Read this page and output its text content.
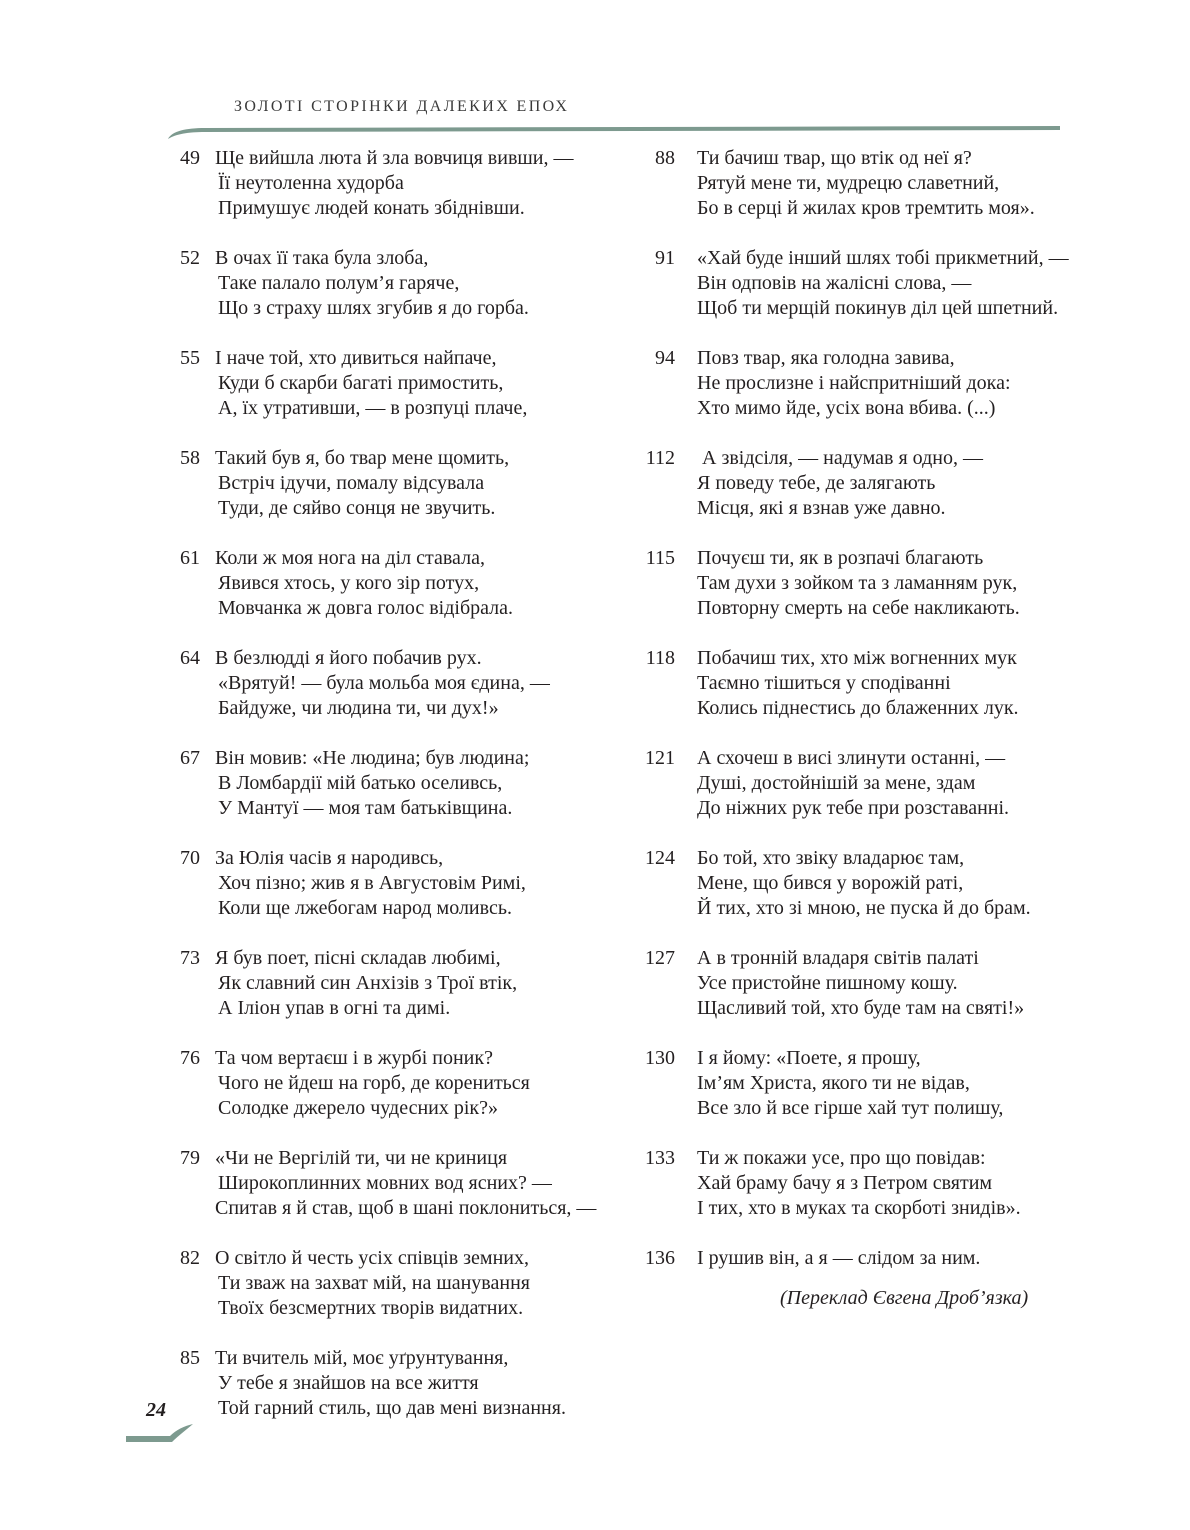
ЗОЛОТІ СТОРІНКИ ДАЛЕКИХ ЕПОХ
49 Ще вийшла люта й зла вовчиця вивши, —
Її неутоленна худорба
Примушує людей конать збіднівши.
52 В очах її така була злоба,
Таке палало полум’я гаряче,
Що з страху шлях згубив я до горба.
55 І наче той, хто дивиться найпаче,
Куди б скарби багаті примостить,
А, їх утративши, — в розпуці плаче,
58 Такий був я, бо твар мене щомить,
Встріч ідучи, помалу відсувала
Туди, де сяйво сонця не звучить.
61 Коли ж моя нога на діл ставала,
Явився хтось, у кого зір потух,
Мовчанка ж довга голос відібрала.
64 В безлюдді я його побачив рух.
«Врятуй! — була мольба моя єдина, —
Байдуже, чи людина ти, чи дух!»
67 Він мовив: «Не людина; був людина;
В Ломбардії мій батько оселивсь,
У Мантуї — моя там батьківщина.
70 За Юлія часів я народивсь,
Хоч пізно; жив я в Августовім Римі,
Коли ще лжебогам народ моливсь.
73 Я був поет, пісні складав любимі,
Як славний син Анхізів з Трої втік,
А Іліон упав в огні та димі.
76 Та чом вертаєш і в журбі поник?
Чого не йдеш на горб, де корениться
Солодке джерело чудесних рік?»
79 «Чи не Вергілій ти, чи не криниця
Широкоплинних мовних вод ясних? —
Спитав я й став, щоб в шані поклониться, —
82 О світло й честь усіх співців земних,
Ти зваж на захват мій, на шанування
Твоїх безсмертних творів видатних.
85 Ти вчитель мій, моє уґрунтування,
У тебе я знайшов на все життя
Той гарний стиль, що дав мені визнання.
88 Ти бачиш твар, що втік од неї я?
Рятуй мене ти, мудрецю славетний,
Бо в серці й жилах кров тремтить моя».
91 «Хай буде інший шлях тобі прикметний, —
Він одповів на жалісні слова, —
Щоб ти мерщій покинув діл цей шпетний.
94 Повз твар, яка голодна завива,
Не прослизне і найспритніший дока:
Хто мимо йде, усіх вона вбива. (...)
112 А звідсіля, — надумав я одно, —
Я поведу тебе, де залягають
Місця, які я взнав уже давно.
115 Почуєш ти, як в розпачі благають
Там духи з зойком та з ламанням рук,
Повторну смерть на себе накликають.
118 Побачиш тих, хто між вогненних мук
Таємно тішиться у сподіванні
Колись піднестись до блаженних лук.
121 А схочеш в висі злинути останні, —
Душі, достойнішій за мене, здам
До ніжних рук тебе при розставанні.
124 Бо той, хто звіку владарює там,
Мене, що бився у ворожій раті,
Й тих, хто зі мною, не пуска й до брам.
127 А в тронній владаря світів палаті
Усе пристойне пишному кошу.
Щасливий той, хто буде там на святі!»
130 І я йому: «Поете, я прошу,
Ім’ям Христа, якого ти не відав,
Все зло й все гірше хай тут полишу,
133 Ти ж покажи усе, про що повідав:
Хай браму бачу я з Петром святим
І тих, хто в муках та скорботі знидів».
136 І рушив він, а я — слідом за ним.
(Переклад Євгена Дроб’язка)
24
